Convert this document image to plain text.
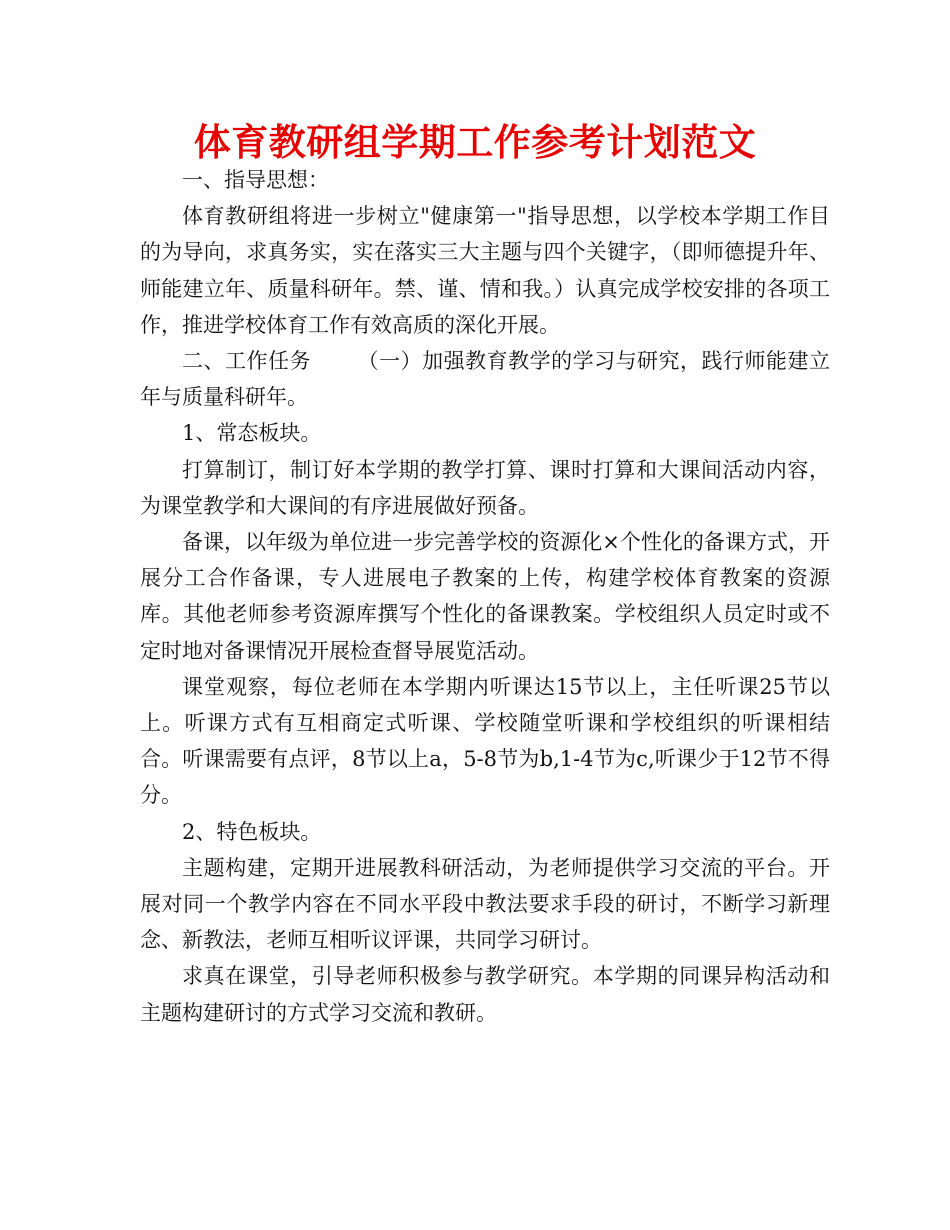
体育教研组学期工作参考计划范文

一、指导思想：

体育教研组将进一步树立"健康第一"指导思想，以学校本学期工作目的为导向，求真务实，实在落实三大主题与四个关键字，（即师德提升年、师能建立年、质量科研年。禁、谨、情和我。）认真完成学校安排的各项工作，推进学校体育工作有效高质的深化开展。

二、工作任务 （一）加强教育教学的学习与研究，践行师能建立年与质量科研年。

1、常态板块。

打算制订，制订好本学期的教学打算、课时打算和大课间活动内容，为课堂教学和大课间的有序进展做好预备。

备课，以年级为单位进一步完善学校的资源化×个性化的备课方式，开展分工合作备课，专人进展电子教案的上传，构建学校体育教案的资源库。其他老师参考资源库撰写个性化的备课教案。学校组织人员定时或不定时地对备课情况开展检查督导展览活动。

课堂观察，每位老师在本学期内听课达15节以上，主任听课25节以上。听课方式有互相商定式听课、学校随堂听课和学校组织的听课相结合。听课需要有点评，8节以上a，5-8节为b,1-4节为c,听课少于12节不得分。

2、特色板块。

主题构建，定期开进展教科研活动，为老师提供学习交流的平台。开展对同一个教学内容在不同水平段中教法要求手段的研讨，不断学习新理念、新教法，老师互相听议评课，共同学习研讨。

求真在课堂，引导老师积极参与教学研究。本学期的同课异构活动和主题构建研讨的方式学习交流和教研。
